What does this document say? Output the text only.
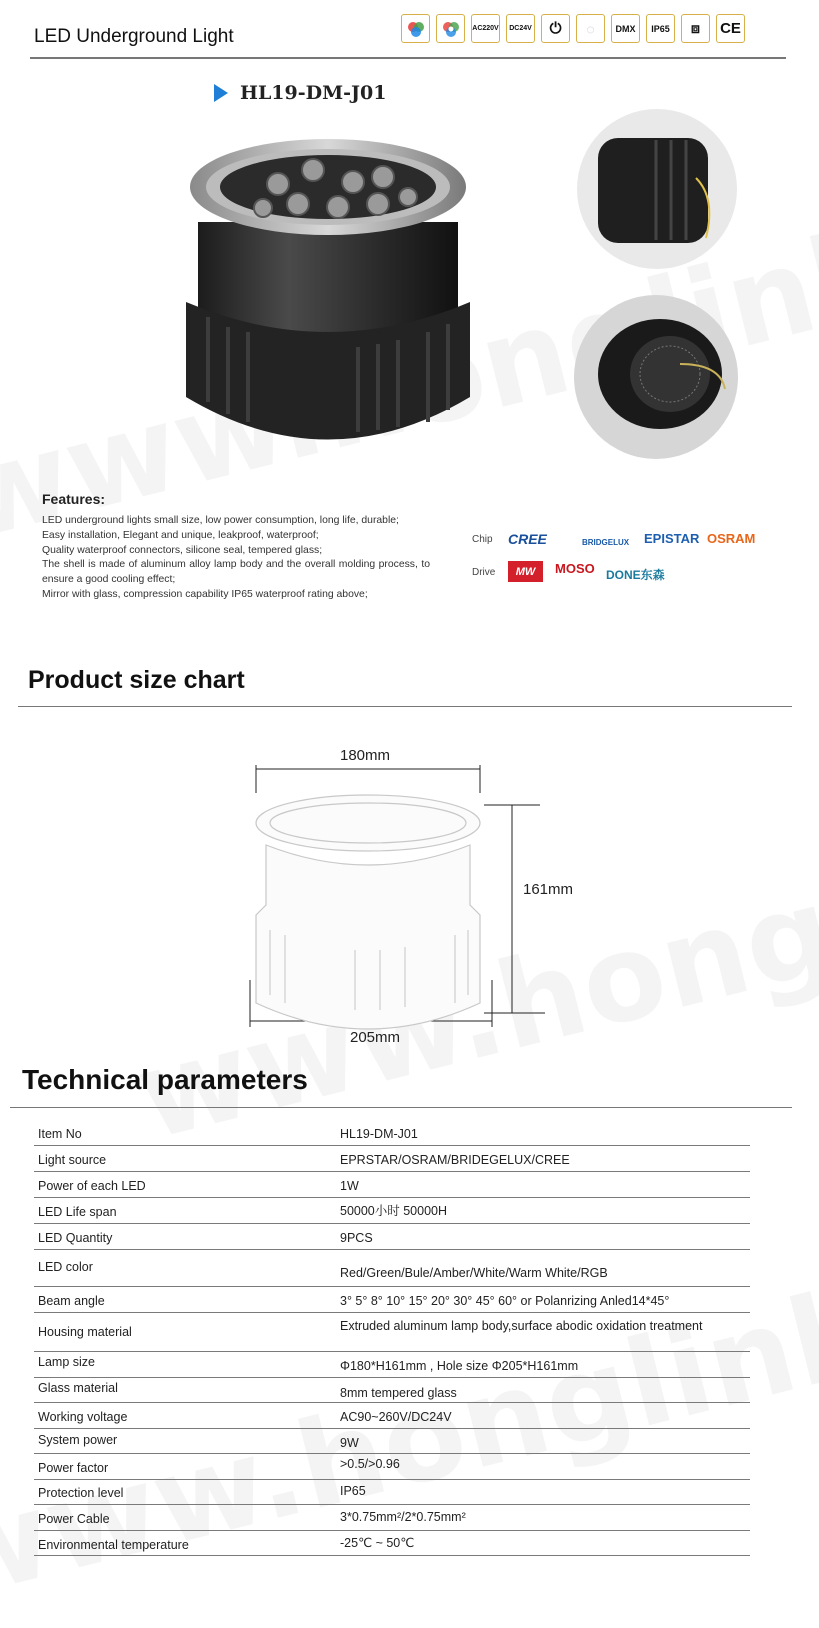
LED Underground Light	AC220V	DC24V	⏻	◌	DMX	IP65	⧈	CE
HL19-DM-J01
Features:
LED underground lights small size, low power consumption, long life, durable;
Easy installation, Elegant and unique, leakproof, waterproof;
Quality waterproof connectors, silicone seal, tempered glass;
The shell is made of aluminum alloy lamp body and the overall molding process, to ensure a good cooling effect;
Mirror with glass, compression capability IP65 waterproof rating above;
Chip CREE	BRIDGELUX EPISTAR OSRAM
Drive	MW	MOSO DONE东森
Product size chart
180mm
161mm
205mm
Technical parameters
Item No	HL19-DM-J01
Light source	EPRSTAR/OSRAM/BRIDEGELUX/CREE
Power of each LED	1W
LED Life span	50000小时 50000H
LED Quantity	9PCS
LED color	Red/Green/Bule/Amber/White/Warm White/RGB
Beam angle	3° 5° 8° 10° 15° 20° 30° 45° 60° or Polanrizing Anled14*45°
Housing material	Extruded aluminum lamp body,surface abodic oxidation treatment
Lamp size	Φ180*H161mm , Hole size Φ205*H161mm
Glass material	8mm tempered glass
Working voltage	AC90~260V/DC24V
System power	9W
Power factor	>0.5/>0.96
Protection level	IP65
Power Cable	3*0.75mm²/2*0.75mm²
Environmental temperature	-25℃ ~ 50℃
